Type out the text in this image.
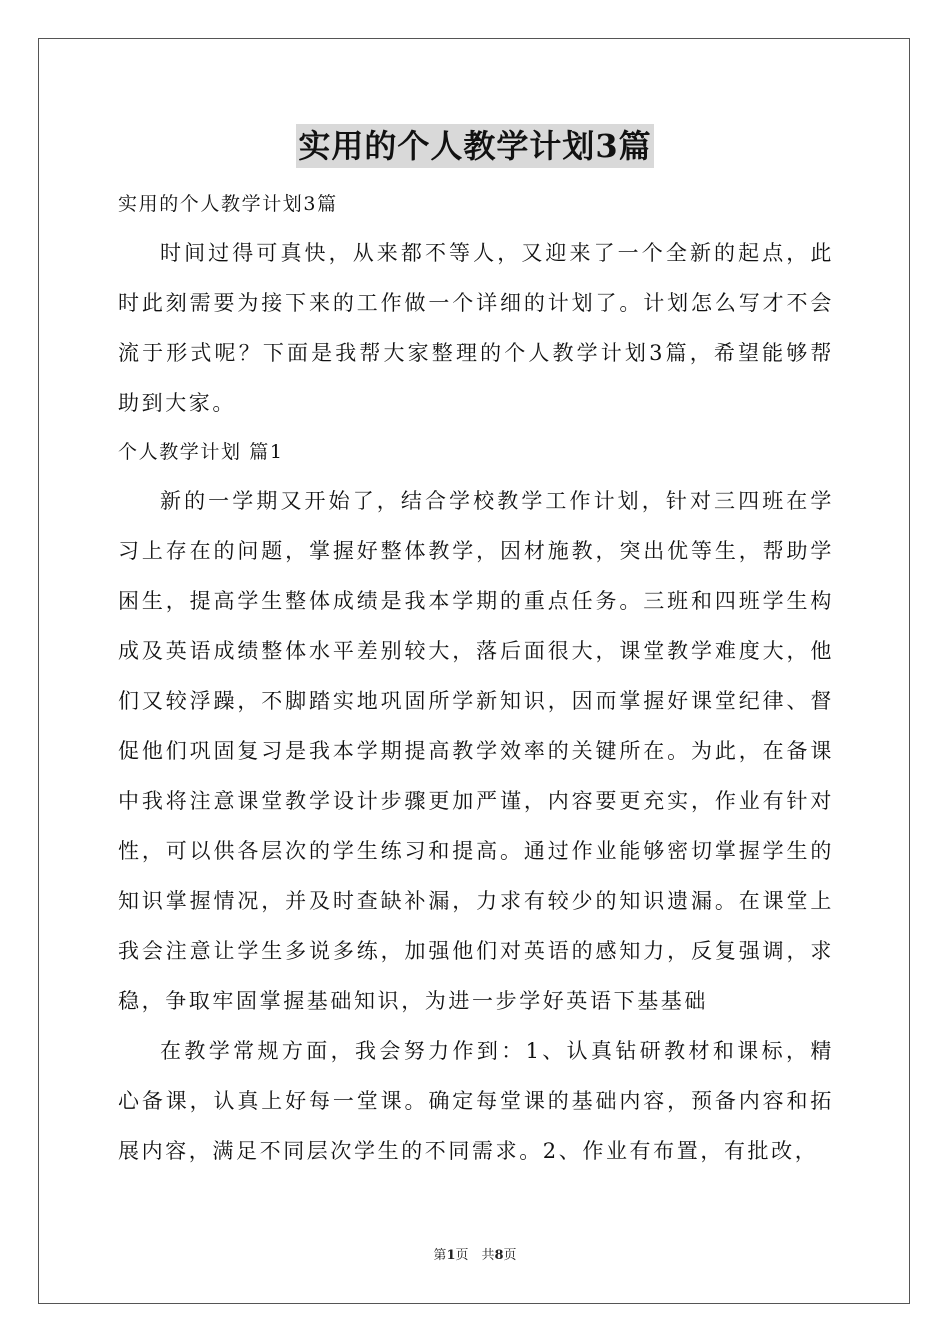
实用的个人教学计划3篇

实用的个人教学计划3篇

时间过得可真快，从来都不等人，又迎来了一个全新的起点，此时此刻需要为接下来的工作做一个详细的计划了。计划怎么写才不会流于形式呢？下面是我帮大家整理的个人教学计划3篇，希望能够帮助到大家。

个人教学计划 篇1

新的一学期又开始了，结合学校教学工作计划，针对三四班在学习上存在的问题，掌握好整体教学，因材施教，突出优等生，帮助学困生，提高学生整体成绩是我本学期的重点任务。三班和四班学生构成及英语成绩整体水平差别较大，落后面很大，课堂教学难度大，他们又较浮躁，不脚踏实地巩固所学新知识，因而掌握好课堂纪律、督促他们巩固复习是我本学期提高教学效率的关键所在。为此，在备课中我将注意课堂教学设计步骤更加严谨，内容要更充实，作业有针对性，可以供各层次的学生练习和提高。通过作业能够密切掌握学生的知识掌握情况，并及时查缺补漏，力求有较少的知识遗漏。在课堂上我会注意让学生多说多练，加强他们对英语的感知力，反复强调，求稳，争取牢固掌握基础知识，为进一步学好英语下基基础

在教学常规方面，我会努力作到：1、认真钻研教材和课标，精心备课，认真上好每一堂课。确定每堂课的基础内容，预备内容和拓展内容，满足不同层次学生的不同需求。2、作业有布置，有批改，

第1页　共8页
